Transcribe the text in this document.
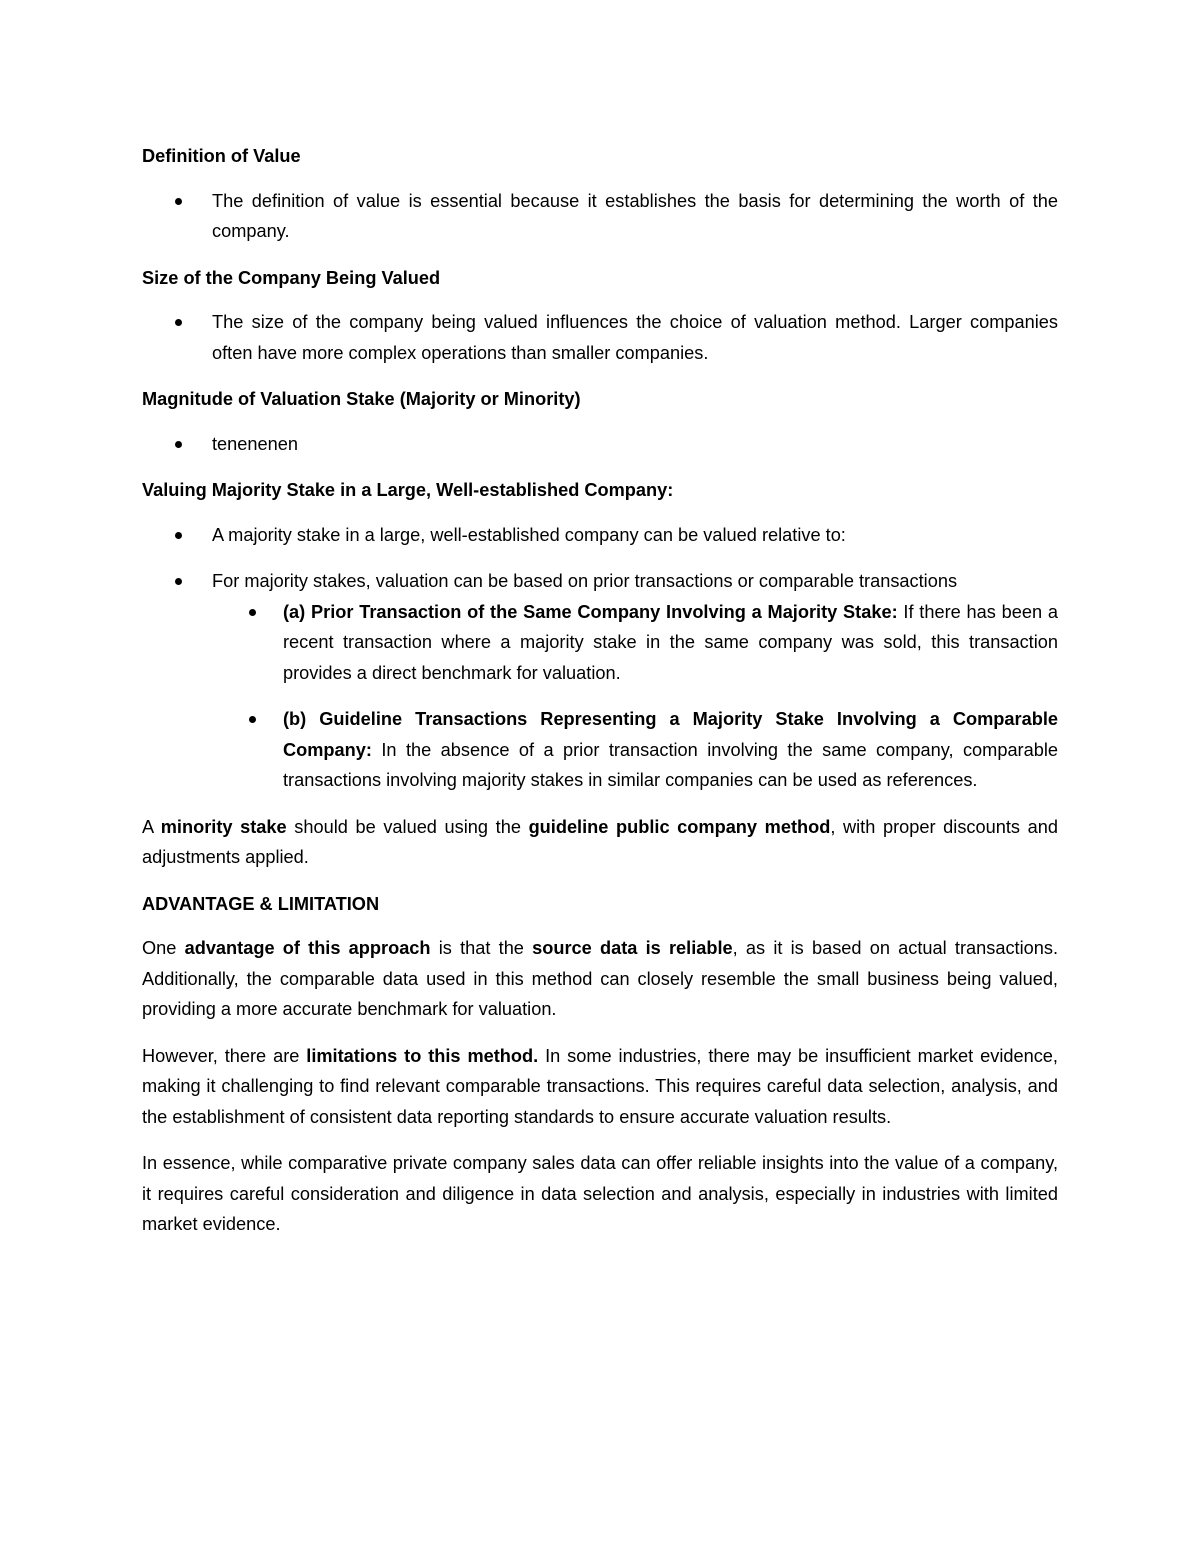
Definition of Value
The definition of value is essential because it establishes the basis for determining the worth of the company.
Size of the Company Being Valued
The size of the company being valued influences the choice of valuation method. Larger companies often have more complex operations than smaller companies.
Magnitude of Valuation Stake (Majority or Minority)
tenenenen
Valuing Majority Stake in a Large, Well-established Company:
A majority stake in a large, well-established company can be valued relative to:
For majority stakes, valuation can be based on prior transactions or comparable transactions
(a) Prior Transaction of the Same Company Involving a Majority Stake: If there has been a recent transaction where a majority stake in the same company was sold, this transaction provides a direct benchmark for valuation.
(b) Guideline Transactions Representing a Majority Stake Involving a Comparable Company: In the absence of a prior transaction involving the same company, comparable transactions involving majority stakes in similar companies can be used as references.

A minority stake should be valued using the guideline public company method, with proper discounts and adjustments applied.

ADVANTAGE & LIMITATION

One advantage of this approach is that the source data is reliable, as it is based on actual transactions. Additionally, the comparable data used in this method can closely resemble the small business being valued, providing a more accurate benchmark for valuation.

However, there are limitations to this method. In some industries, there may be insufficient market evidence, making it challenging to find relevant comparable transactions. This requires careful data selection, analysis, and the establishment of consistent data reporting standards to ensure accurate valuation results.

In essence, while comparative private company sales data can offer reliable insights into the value of a company, it requires careful consideration and diligence in data selection and analysis, especially in industries with limited market evidence.
